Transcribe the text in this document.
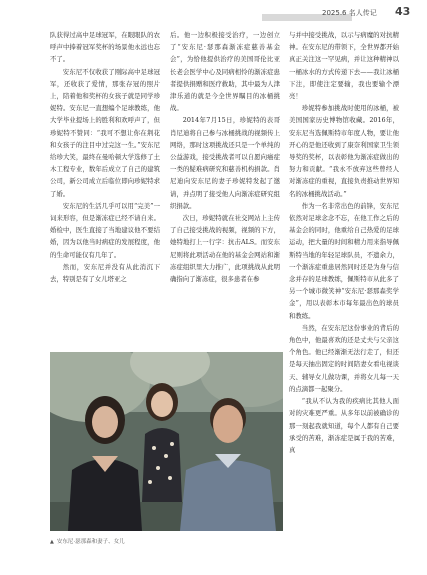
2025.6 名人传记 43

队获得过高中足球冠军，在眼眼队的农呼声中捧着冠军奖杯的场景他永远也忘不了。

安东尼不仅收获了刚际高中足球冠军，还收获了爱情，那张存冠的照片上，陪着他和奖杯的女孩子就是同学珍妮特。安东尼一直想编个足球教练，他大学毕业提场上的胜利和欢呼声了，但珍妮特不赞同：“我可不想让你在荆花和女孩子的注目中过完这一生。”安东尼给珍大笑，最终在曼哈顿大学选修了土木工程专业，数年后成立了自己的建筑公司，新公司成立后临位即向珍妮特求了婚。

安东尼的生活几乎可以用“完美”一词来形容，但是渐冻症已经不请自来。婚检中，医生直接了当地建议他不要结婚，因为以他当时病症的发展程度，他的生命可能仅有几年了。

然而，安东尼并没有从此消沉下去，特别是有了女儿塔亚之

后。他一边积极接受治疗，一边创立了“安东尼·瑟那森渐冻症慈善基金会”，为恰他提供治疗的美国哥伦比亚长老会医学中心及同病相怜的渐冻症患者提供捐赠和医疗救助，其中最为人津津乐道的就是今全世界瞩目的冰桶挑战。

2014年7月15日，珍妮特的表哥肖尼迪将自己参与冰桶挑战的视频传上网络，那时这项挑战还只是一个单纯的公益游戏，接受挑战者可以自愿向癌症一类的疑难病研究和慈善机构捐款。肖尼迪向安东尼的妻子珍妮特发起了邀请，并点明了接受他人向渐冻症研究组织捐款。

次日，珍妮特就在社交网站上主传了自己接受挑战的视频，视频的下方，她特地打上一行字：抗击ALS。而安东尼则将此项活动在他的基金会网站和渐冻症组织里大力推广，此项挑战从此明确指向了渐冻症，很多患者在参

与并中接受挑战，以示与病魔的对抗精神。在安东尼的带领下，全世界都开始真正关注这一罕见病，并让这种精神以一桶冰水的方式传递下去——我让冰桶下注，即使注定要输，我也要输个漂亮！

珍妮特参加挑战时使用的冰桶，被美国国家历史博物馆收藏。2016年，安东尼当选佩斯特市年度人物，要让他开心的是他还收到了康奈利国家卫生领导奖的奖杯，以表彰他为渐冻症做出的努力和贡献。“我永不放弃这些曾经人对渐冻症的重视，直接负责推动世界知名的冰桶挑战活动。”

作为一名非常出色的前锋，安东尼依然对足球念念不忘，在他工作之后的基金会的同时，他重给自己热爱的足球运动，把大量的时间和精力用来指导佩斯特当地的年轻足球队员，不遗余力，一个渐冻症重患居然同时还是为身与信念并存的足球教练，佩斯特市从此多了另一个城市微笑神“安东尼·瑟那森奖学金”，用以表彰本市每年最出色的球员和教练。

当然，在安东尼这份事业的背后的角色中，他最喜欢的还是丈夫与父亲这个角色。他已经渐渐无法行走了，但还是每天抽出固定的时间陪妻女看电视谈天、辅导女儿做功课，并将女儿每一天的点滴都一起聚分。

“我从不认为我的疾病比其他人面对的灾难更严重。从多年以前被确诊的那一刻起我就知道，每个人都有自己要承受的苦难，渐冻症是属于我的苦难，真

▲ 安东尼·瑟那森和妻子、女儿
